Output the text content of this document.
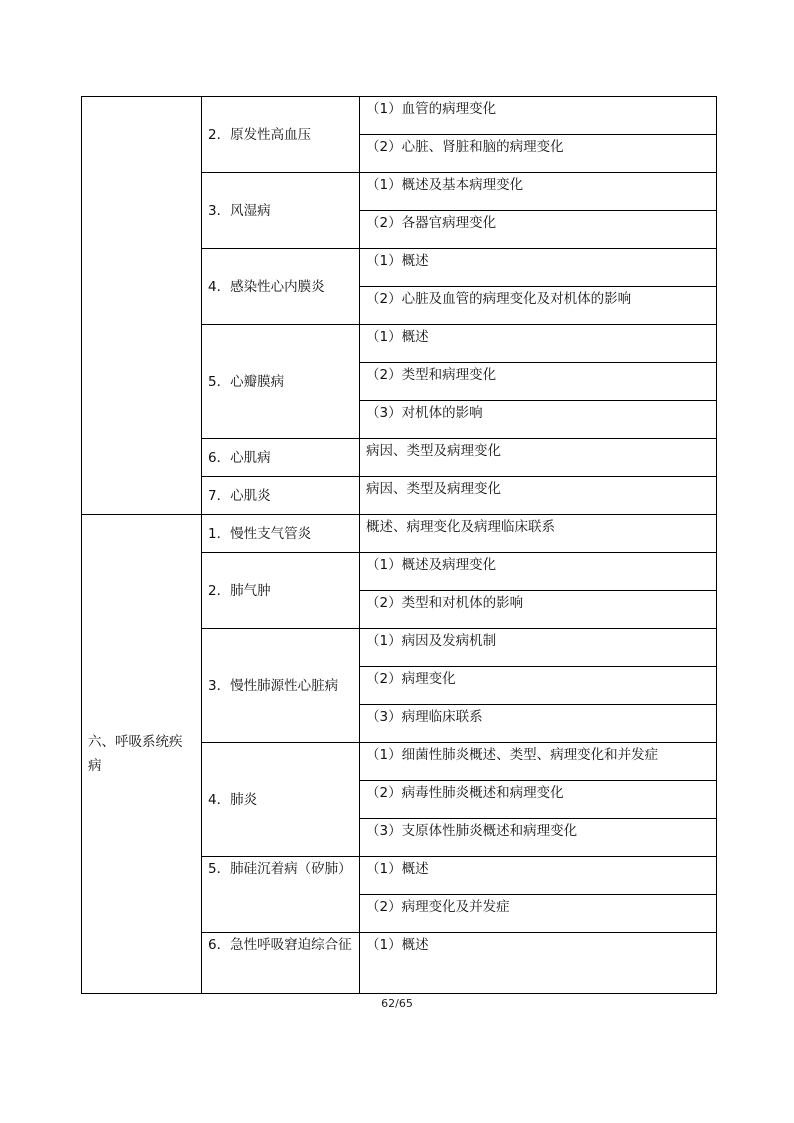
	2．原发性高血压	（1）血管的病理变化
		（2）心脏、肾脏和脑的病理变化
	3．风湿病	（1）概述及基本病理变化
		（2）各器官病理变化
	4．感染性心内膜炎	（1）概述
		（2）心脏及血管的病理变化及对机体的影响
	5．心瓣膜病	（1）概述
		（2）类型和病理变化
		（3）对机体的影响
	6．心肌病	病因、类型及病理变化
	7．心肌炎	病因、类型及病理变化
六、呼吸系统疾病	1．慢性支气管炎	概述、病理变化及病理临床联系
	2．肺气肿	（1）概述及病理变化
		（2）类型和对机体的影响
	3．慢性肺源性心脏病	（1）病因及发病机制
		（2）病理变化
		（3）病理临床联系
	4．肺炎	（1）细菌性肺炎概述、类型、病理变化和并发症
		（2）病毒性肺炎概述和病理变化
		（3）支原体性肺炎概述和病理变化
	5．肺硅沉着病（矽肺）	（1）概述
		（2）病理变化及并发症
	6．急性呼吸窘迫综合征	（1）概述
62/65
